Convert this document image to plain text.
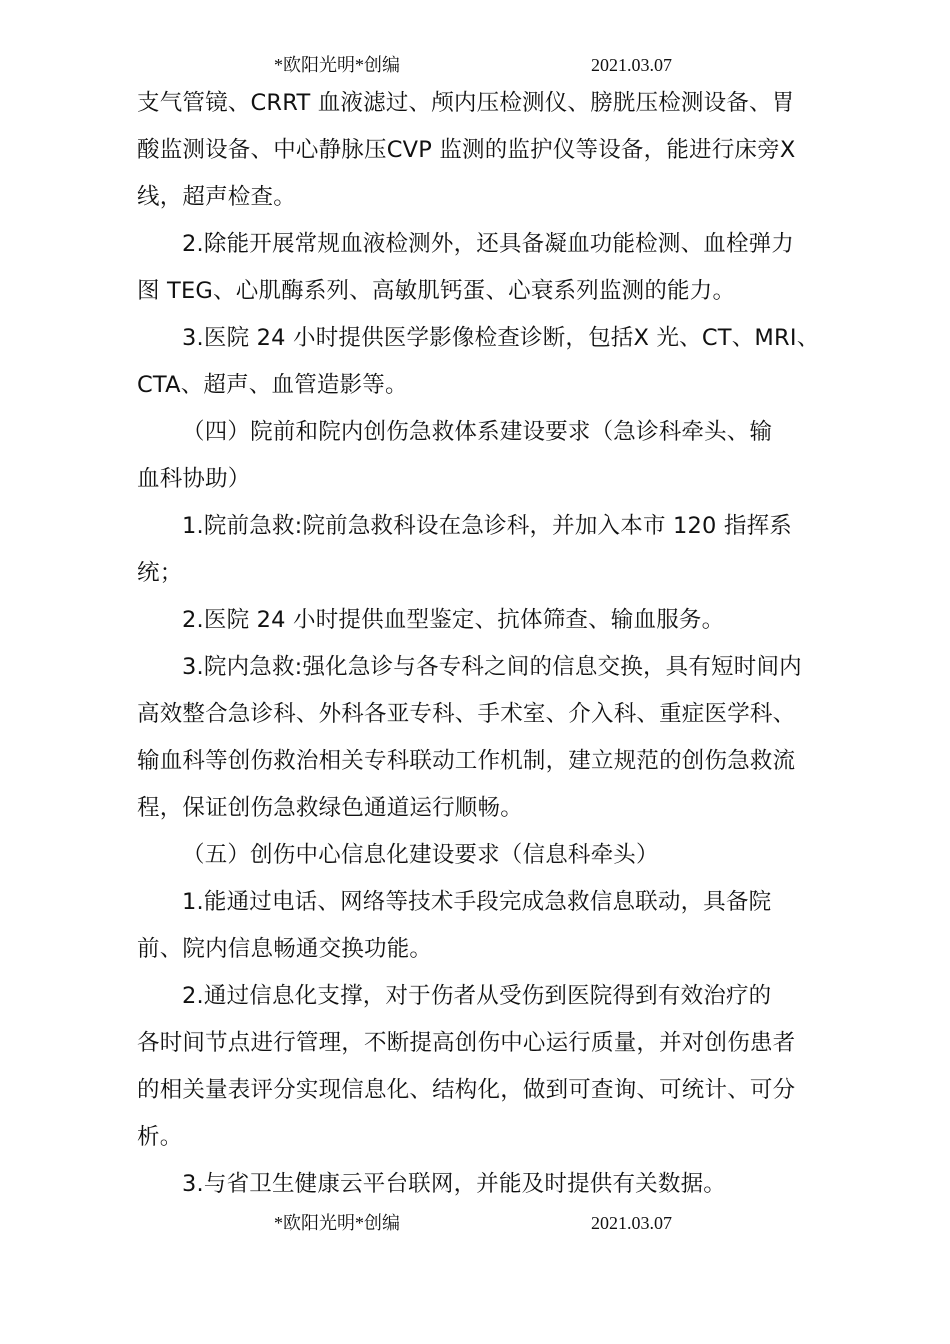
*欧阳光明*创编	2021.03.07
支气管镜、CRRT 血液滤过、颅内压检测仪、膀胱压检测设备、胃
酸监测设备、中心静脉压CVP 监测的监护仪等设备，能进行床旁X
线，超声检查。
2.除能开展常规血液检测外，还具备凝血功能检测、血栓弹力
图 TEG、心肌酶系列、高敏肌钙蛋、心衰系列监测的能力。
3.医院 24 小时提供医学影像检查诊断，包括X 光、CT、MRI、
CTA、超声、血管造影等。
（四）院前和院内创伤急救体系建设要求（急诊科牵头、输
血科协助）
1.院前急救:院前急救科设在急诊科，并加入本市 120 指挥系
统；
2.医院 24 小时提供血型鉴定、抗体筛查、输血服务。
3.院内急救:强化急诊与各专科之间的信息交换，具有短时间内
高效整合急诊科、外科各亚专科、手术室、介入科、重症医学科、
输血科等创伤救治相关专科联动工作机制，建立规范的创伤急救流
程，保证创伤急救绿色通道运行顺畅。
（五）创伤中心信息化建设要求（信息科牵头）
1.能通过电话、网络等技术手段完成急救信息联动，具备院
前、院内信息畅通交换功能。
2.通过信息化支撑，对于伤者从受伤到医院得到有效治疗的
各时间节点进行管理，不断提高创伤中心运行质量，并对创伤患者
的相关量表评分实现信息化、结构化，做到可查询、可统计、可分
析。
3.与省卫生健康云平台联网，并能及时提供有关数据。
*欧阳光明*创编	2021.03.07
